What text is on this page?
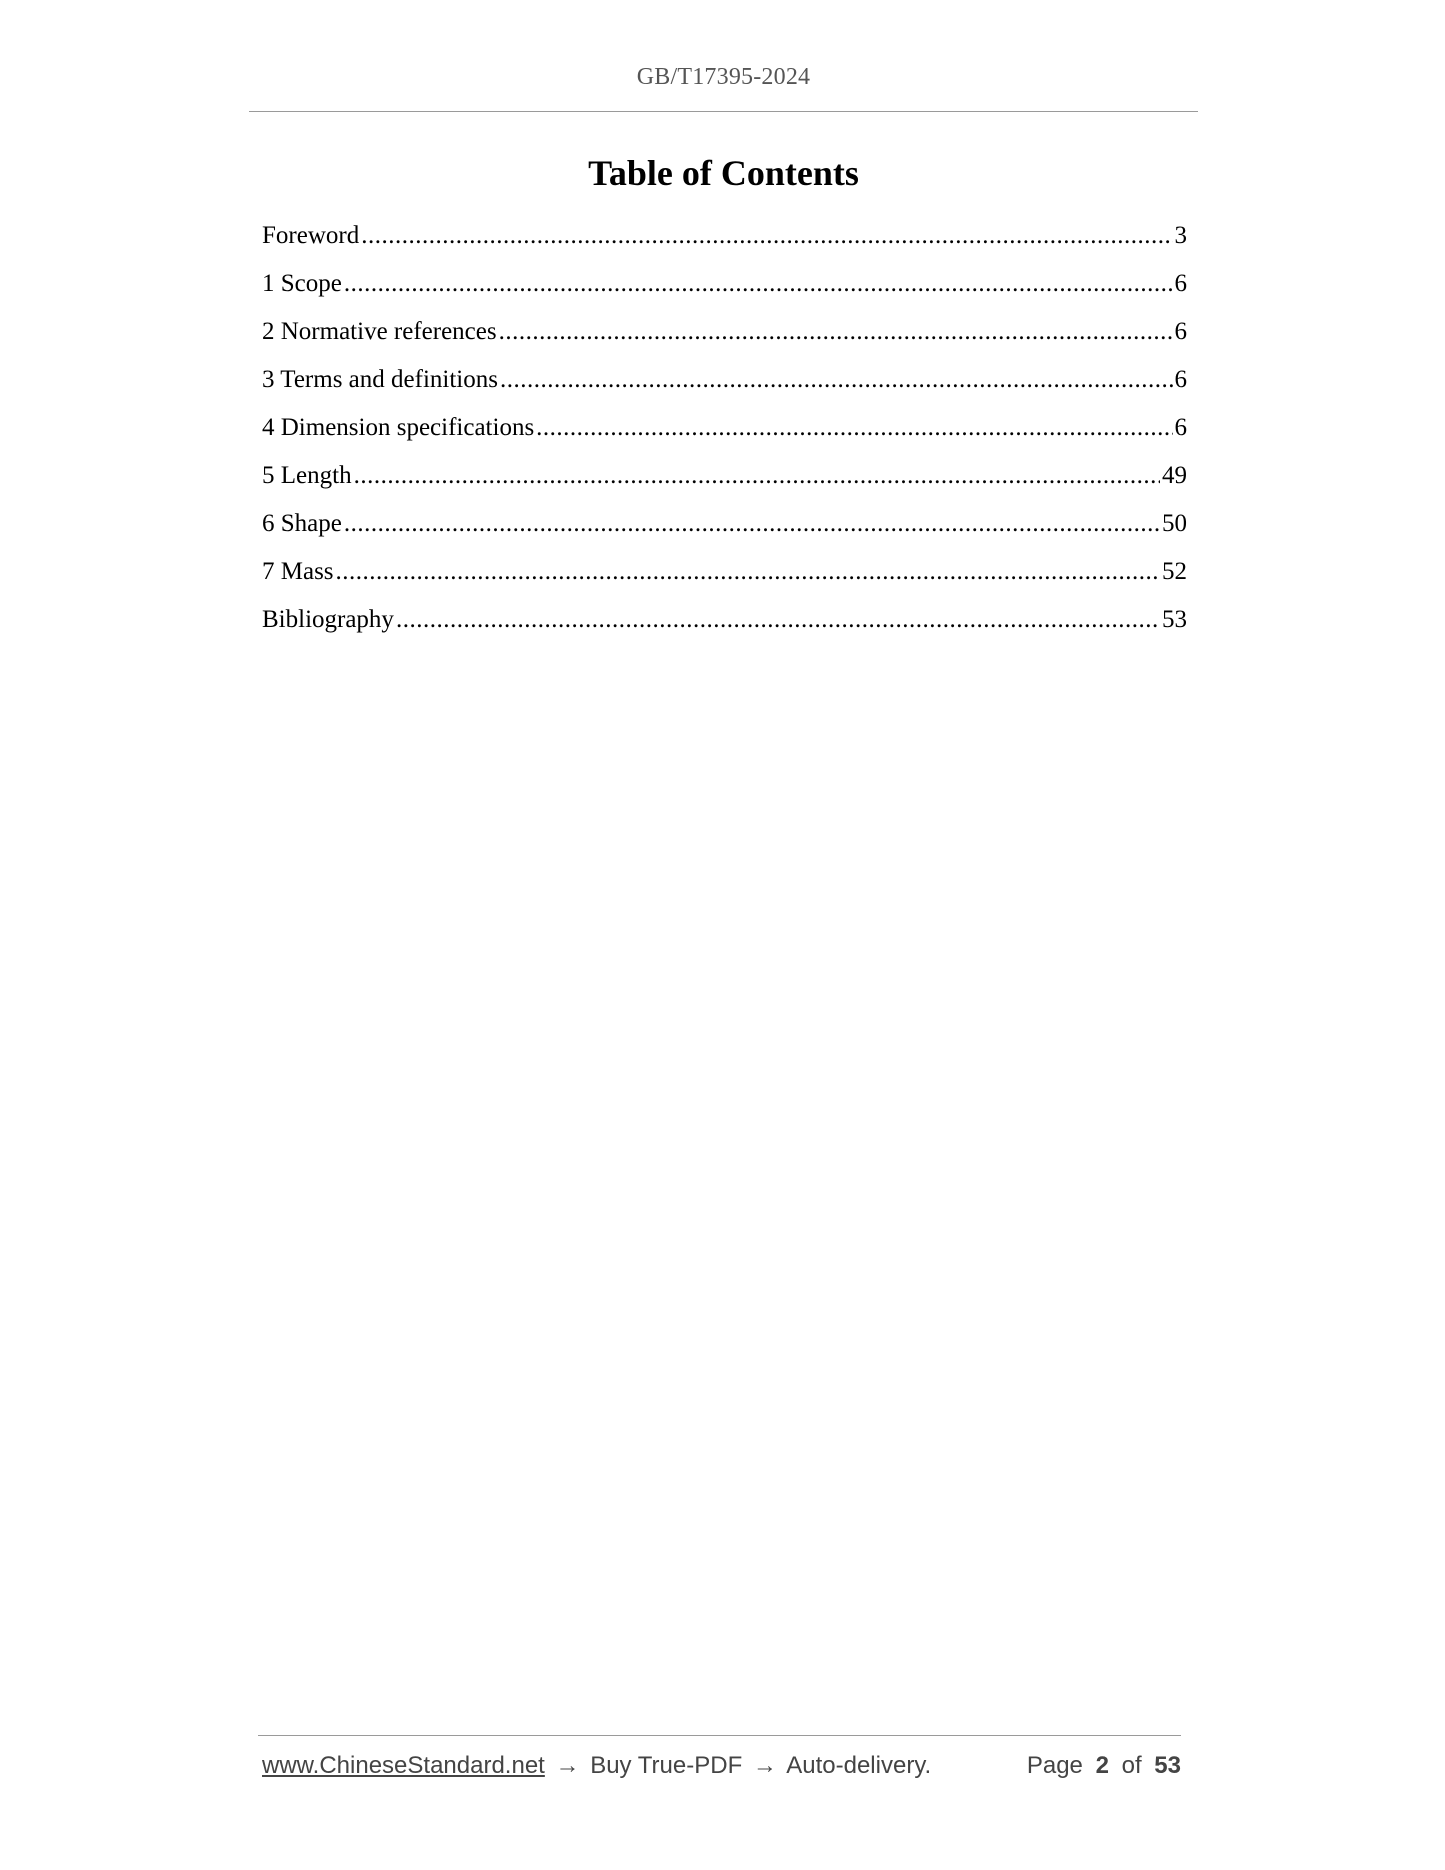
GB/T17395-2024
Table of Contents
Foreword .....	3
1 Scope .....	6
2 Normative references .....	6
3 Terms and definitions .....	6
4 Dimension specifications .....	6
5 Length .....	49
6 Shape .....	50
7 Mass .....	52
Bibliography .....	53
www.ChineseStandard.net → Buy True-PDF → Auto-delivery.	Page 2 of 53
